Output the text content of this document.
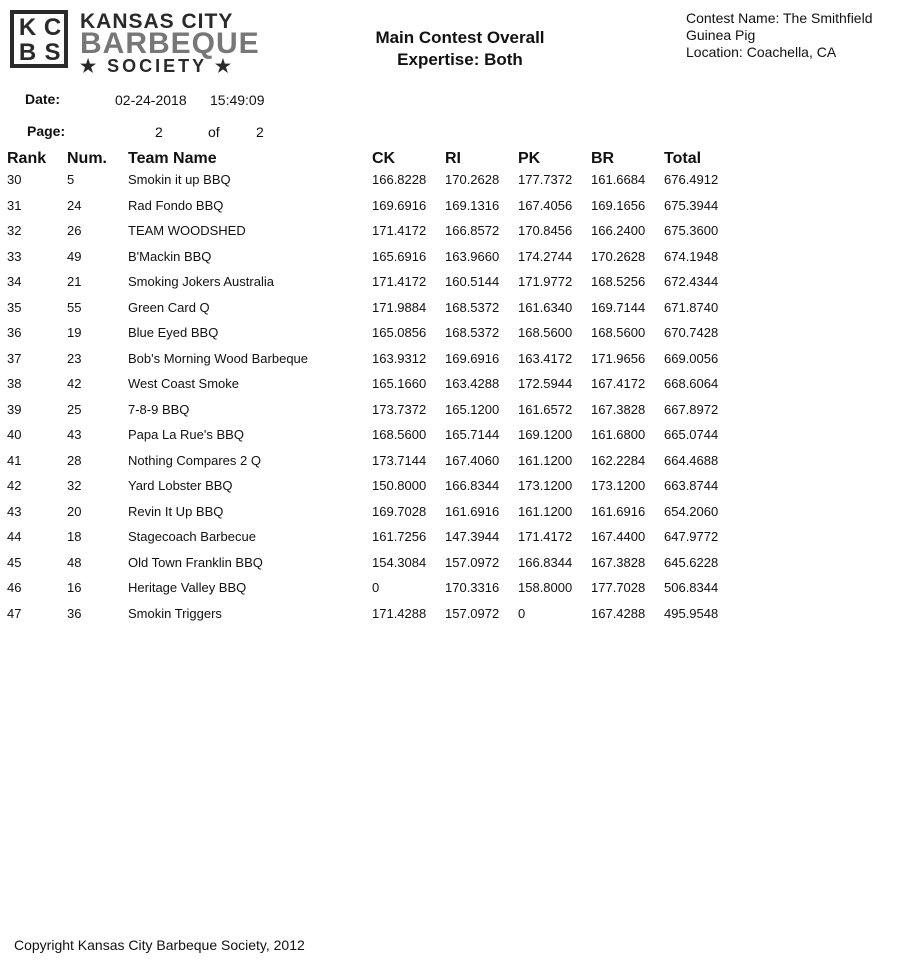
K C
B S
KANSAS CITY
BARBEQUE
★ SOCIETY ★
Main Contest Overall
Expertise: Both
Contest Name: The Smithfield
Guinea Pig
Location: Coachella, CA
Date:	02-24-2018 15:49:09
Page:	2	of	2
Rank Num. Team Name	CK	RI	PK	BR	Total
30	5	Smokin it up BBQ	166.8228 170.2628 177.7372 161.6684 676.4912
31	24	Rad Fondo BBQ	169.6916 169.1316 167.4056 169.1656 675.3944
32	26	TEAM WOODSHED	171.4172 166.8572 170.8456 166.2400 675.3600
33	49	B'Mackin BBQ	165.6916 163.9660 174.2744 170.2628 674.1948
34	21	Smoking Jokers Australia	171.4172 160.5144 171.9772 168.5256 672.4344
35	55	Green Card Q	171.9884 168.5372 161.6340 169.7144 671.8740
36	19	Blue Eyed BBQ	165.0856 168.5372 168.5600 168.5600 670.7428
37	23	Bob's Morning Wood Barbeque	163.9312 169.6916 163.4172 171.9656 669.0056
38	42	West Coast Smoke	165.1660 163.4288 172.5944 167.4172 668.6064
39	25	7-8-9 BBQ	173.7372 165.1200 161.6572 167.3828 667.8972
40	43	Papa La Rue's BBQ	168.5600 165.7144 169.1200 161.6800 665.0744
41	28	Nothing Compares 2 Q	173.7144 167.4060 161.1200 162.2284 664.4688
42	32	Yard Lobster BBQ	150.8000 166.8344 173.1200 173.1200 663.8744
43	20	Revin It Up BBQ	169.7028 161.6916 161.1200 161.6916 654.2060
44	18	Stagecoach Barbecue	161.7256 147.3944 171.4172 167.4400 647.9772
45	48	Old Town Franklin BBQ	154.3084 157.0972 166.8344 167.3828 645.6228
46	16	Heritage Valley BBQ	0	170.3316 158.8000 177.7028 506.8344
47	36	Smokin Triggers	171.4288 157.0972 0	167.4288 495.9548
Copyright Kansas City Barbeque Society, 2012
